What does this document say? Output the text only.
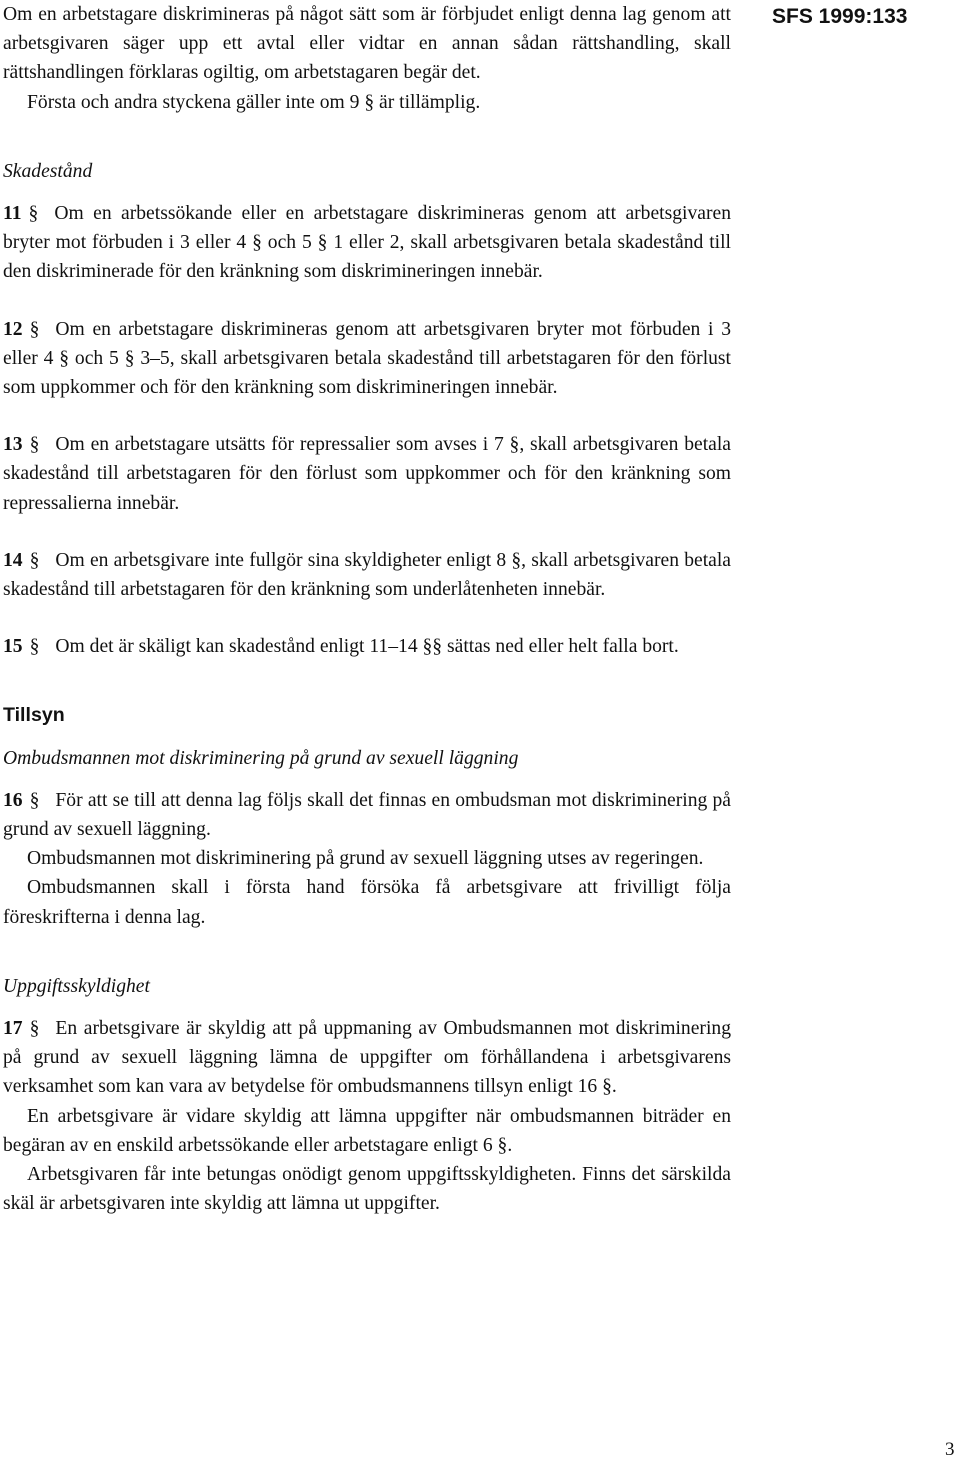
SFS 1999:133

Om en arbetstagare diskrimineras på något sätt som är förbjudet enligt denna lag genom att arbetsgivaren säger upp ett avtal eller vidtar en annan sådan rättshandling, skall rättshandlingen förklaras ogiltig, om arbetstagaren begär det.

Första och andra styckena gäller inte om 9 § är tillämplig.

Skadestånd

11 § Om en arbetssökande eller en arbetstagare diskrimineras genom att arbetsgivaren bryter mot förbuden i 3 eller 4 § och 5 § 1 eller 2, skall arbetsgivaren betala skadestånd till den diskriminerade för den kränkning som diskrimineringen innebär.

12 § Om en arbetstagare diskrimineras genom att arbetsgivaren bryter mot förbuden i 3 eller 4 § och 5 § 3–5, skall arbetsgivaren betala skadestånd till arbetstagaren för den förlust som uppkommer och för den kränkning som diskrimineringen innebär.

13 § Om en arbetstagare utsätts för repressalier som avses i 7 §, skall arbetsgivaren betala skadestånd till arbetstagaren för den förlust som uppkommer och för den kränkning som repressalierna innebär.

14 § Om en arbetsgivare inte fullgör sina skyldigheter enligt 8 §, skall arbetsgivaren betala skadestånd till arbetstagaren för den kränkning som underlåtenheten innebär.

15 § Om det är skäligt kan skadestånd enligt 11–14 §§ sättas ned eller helt falla bort.

Tillsyn

Ombudsmannen mot diskriminering på grund av sexuell läggning

16 § För att se till att denna lag följs skall det finnas en ombudsman mot diskriminering på grund av sexuell läggning.

Ombudsmannen mot diskriminering på grund av sexuell läggning utses av regeringen.

Ombudsmannen skall i första hand försöka få arbetsgivare att frivilligt följa föreskrifterna i denna lag.

Uppgiftsskyldighet

17 § En arbetsgivare är skyldig att på uppmaning av Ombudsmannen mot diskriminering på grund av sexuell läggning lämna de uppgifter om förhållandena i arbetsgivarens verksamhet som kan vara av betydelse för ombudsmannens tillsyn enligt 16 §.

En arbetsgivare är vidare skyldig att lämna uppgifter när ombudsmannen biträder en begäran av en enskild arbetssökande eller arbetstagare enligt 6 §.

Arbetsgivaren får inte betungas onödigt genom uppgiftsskyldigheten. Finns det särskilda skäl är arbetsgivaren inte skyldig att lämna ut uppgifter.

3
